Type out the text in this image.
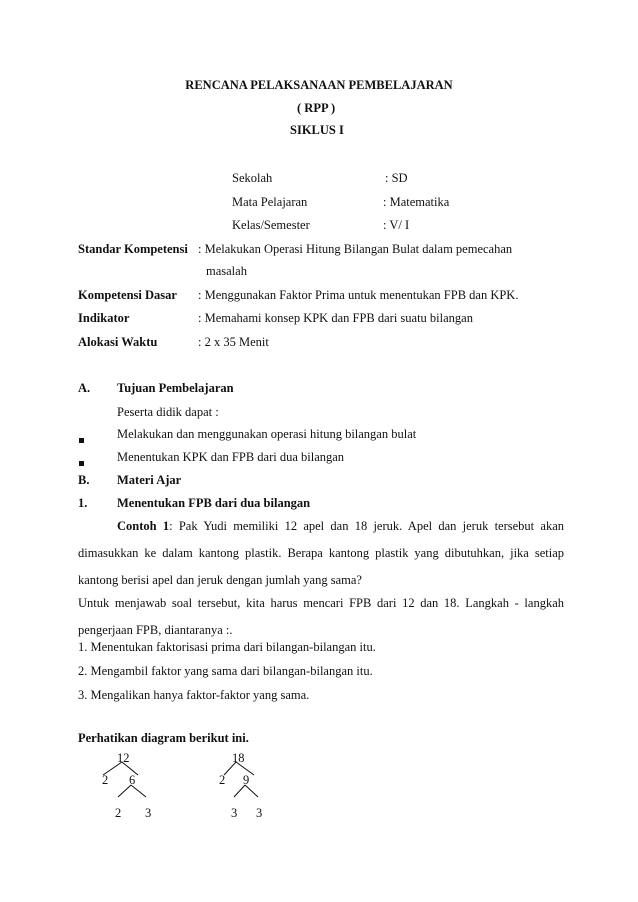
RENCANA PELAKSANAAN PEMBELAJARAN
( RPP )
SIKLUS I
Sekolah	: SD
Mata Pelajaran	: Matematika
Kelas/Semester	: V/ I
Standar Kompetensi : Melakukan Operasi Hitung Bilangan Bulat dalam pemecahan
masalah
Kompetensi Dasar : Menggunakan Faktor Prima untuk menentukan FPB dan KPK.
Indikator	: Memahami konsep KPK dan FPB dari suatu bilangan
Alokasi Waktu	: 2 x 35 Menit
A. Tujuan Pembelajaran
Peserta didik dapat :
Melakukan dan menggunakan operasi hitung bilangan bulat
Menentukan KPK dan FPB dari dua bilangan
B. Materi Ajar
1. Menentukan FPB dari dua bilangan
Contoh 1: Pak Yudi memiliki 12 apel dan 18 jeruk. Apel dan jeruk tersebut akan dimasukkan ke dalam kantong plastik. Berapa kantong plastik yang dibutuhkan, jika setiap kantong berisi apel dan jeruk dengan jumlah yang sama?
Untuk menjawab soal tersebut, kita harus mencari FPB dari 12 dan 18. Langkah - langkah pengerjaan FPB, diantaranya :.
1. Menentukan faktorisasi prima dari bilangan-bilangan itu.
2. Mengambil faktor yang sama dari bilangan-bilangan itu.
3. Mengalikan hanya faktor-faktor yang sama.
Perhatikan diagram berikut ini.
12
2 6
2 3
18
2 9
3 3
